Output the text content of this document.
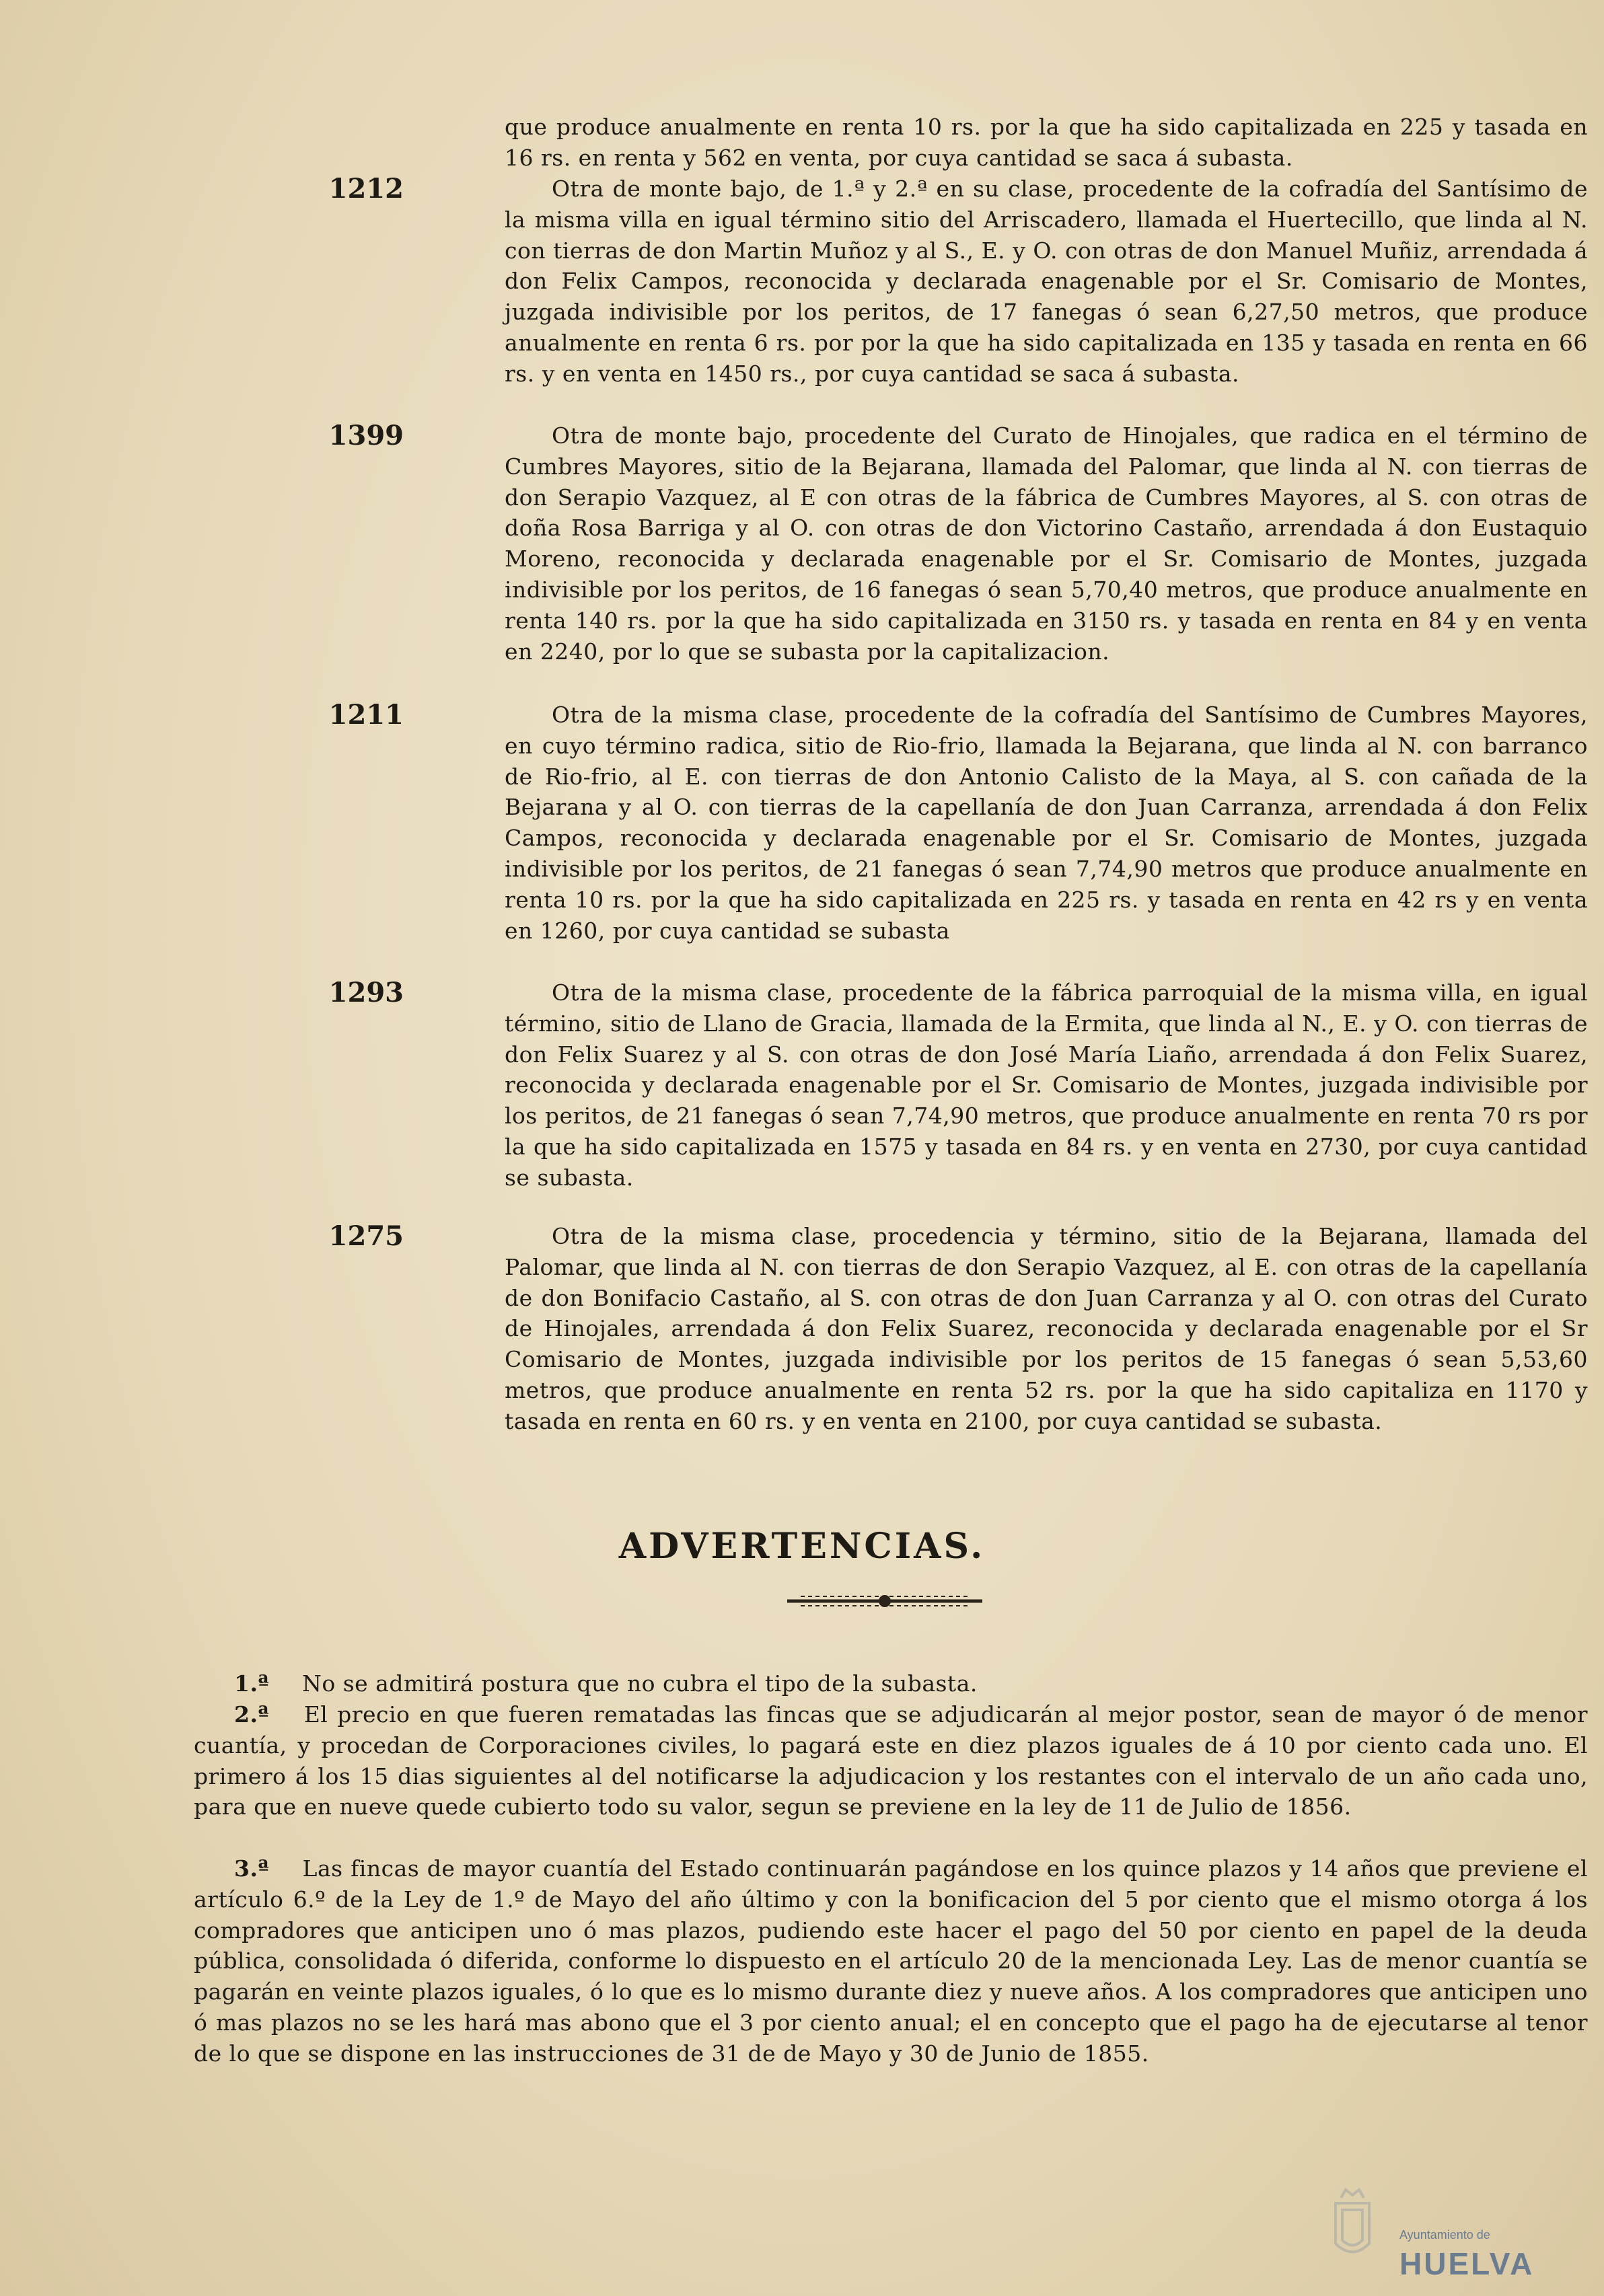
que produce anualmente en renta 10 rs. por la que ha sido capitalizada en 225 y tasada en 16 rs. en renta y 562 en venta, por cuya cantidad se saca á subasta.
1212	Otra de monte bajo, de 1.ª y 2.ª en su clase, procedente de la cofradía del Santísimo de la misma villa en igual término sitio del Arriscadero, llamada el Huertecillo, que linda al N. con tierras de don Martin Muñoz y al S., E. y O. con otras de don Manuel Muñiz, arrendada á don Felix Campos, reconocida y declarada enagenable por el Sr. Comisario de Montes, juzgada indivisible por los peritos, de 17 fanegas ó sean 6,27,50 metros, que produce anualmente en renta 6 rs. por por la que ha sido capitalizada en 135 y tasada en renta en 66 rs. y en venta en 1450 rs., por cuya cantidad se saca á subasta.
1399	Otra de monte bajo, procedente del Curato de Hinojales, que radica en el término de Cumbres Mayores, sitio de la Bejarana, llamada del Palomar, que linda al N. con tierras de don Serapio Vazquez, al E con otras de la fábrica de Cumbres Mayores, al S. con otras de doña Rosa Barriga y al O. con otras de don Victorino Castaño, arrendada á don Eustaquio Moreno, reconocida y declarada enagenable por el Sr. Comisario de Montes, juzgada indivisible por los peritos, de 16 fanegas ó sean 5,70,40 metros, que produce anualmente en renta 140 rs. por la que ha sido capitalizada en 3150 rs. y tasada en renta en 84 y en venta en 2240, por lo que se subasta por la capitalizacion.
1211	Otra de la misma clase, procedente de la cofradía del Santísimo de Cumbres Mayores, en cuyo término radica, sitio de Rio-frio, llamada la Bejarana, que linda al N. con barranco de Rio-frio, al E. con tierras de don Antonio Calisto de la Maya, al S. con cañada de la Bejarana y al O. con tierras de la capellanía de don Juan Carranza, arrendada á don Felix Campos, reconocida y declarada enagenable por el Sr. Comisario de Montes, juzgada indivisible por los peritos, de 21 fanegas ó sean 7,74,90 metros que produce anualmente en renta 10 rs. por la que ha sido capitalizada en 225 rs. y tasada en renta en 42 rs y en venta en 1260, por cuya cantidad se subasta
1293	Otra de la misma clase, procedente de la fábrica parroquial de la misma villa, en igual término, sitio de Llano de Gracia, llamada de la Ermita, que linda al N., E. y O. con tierras de don Felix Suarez y al S. con otras de don José María Liaño, arrendada á don Felix Suarez, reconocida y declarada enagenable por el Sr. Comisario de Montes, juzgada indivisible por los peritos, de 21 fanegas ó sean 7,74,90 metros, que produce anualmente en renta 70 rs por la que ha sido capitalizada en 1575 y tasada en 84 rs. y en venta en 2730, por cuya cantidad se subasta.
1275	Otra de la misma clase, procedencia y término, sitio de la Bejarana, llamada del Palomar, que linda al N. con tierras de don Serapio Vazquez, al E. con otras de la capellanía de don Bonifacio Castaño, al S. con otras de don Juan Carranza y al O. con otras del Curato de Hinojales, arrendada á don Felix Suarez, reconocida y declarada enagenable por el Sr Comisario de Montes, juzgada indivisible por los peritos de 15 fanegas ó sean 5,53,60 metros, que produce anualmente en renta 52 rs. por la que ha sido capitaliza en 1170 y tasada en renta en 60 rs. y en venta en 2100, por cuya cantidad se subasta.
ADVERTENCIAS.
1.ª No se admitirá postura que no cubra el tipo de la subasta.
2.ª El precio en que fueren rematadas las fincas que se adjudicarán al mejor postor, sean de mayor ó de menor cuantía, y procedan de Corporaciones civiles, lo pagará este en diez plazos iguales de á 10 por ciento cada uno. El primero á los 15 dias siguientes al del notificarse la adjudicacion y los restantes con el intervalo de un año cada uno, para que en nueve quede cubierto todo su valor, segun se previene en la ley de 11 de Julio de 1856.
3.ª Las fincas de mayor cuantía del Estado continuarán pagándose en los quince plazos y 14 años que previene el artículo 6.º de la Ley de 1.º de Mayo del año último y con la bonificacion del 5 por ciento que el mismo otorga á los compradores que anticipen uno ó mas plazos, pudiendo este hacer el pago del 50 por ciento en papel de la deuda pública, consolidada ó diferida, conforme lo dispuesto en el artículo 20 de la mencionada Ley. Las de menor cuantía se pagarán en veinte plazos iguales, ó lo que es lo mismo durante diez y nueve años. A los compradores que anticipen uno ó mas plazos no se les hará mas abono que el 3 por ciento anual; el en concepto que el pago ha de ejecutarse al tenor de lo que se dispone en las instrucciones de 31 de de Mayo y 30 de Junio de 1855.
Ayuntamiento de
HUELVA
